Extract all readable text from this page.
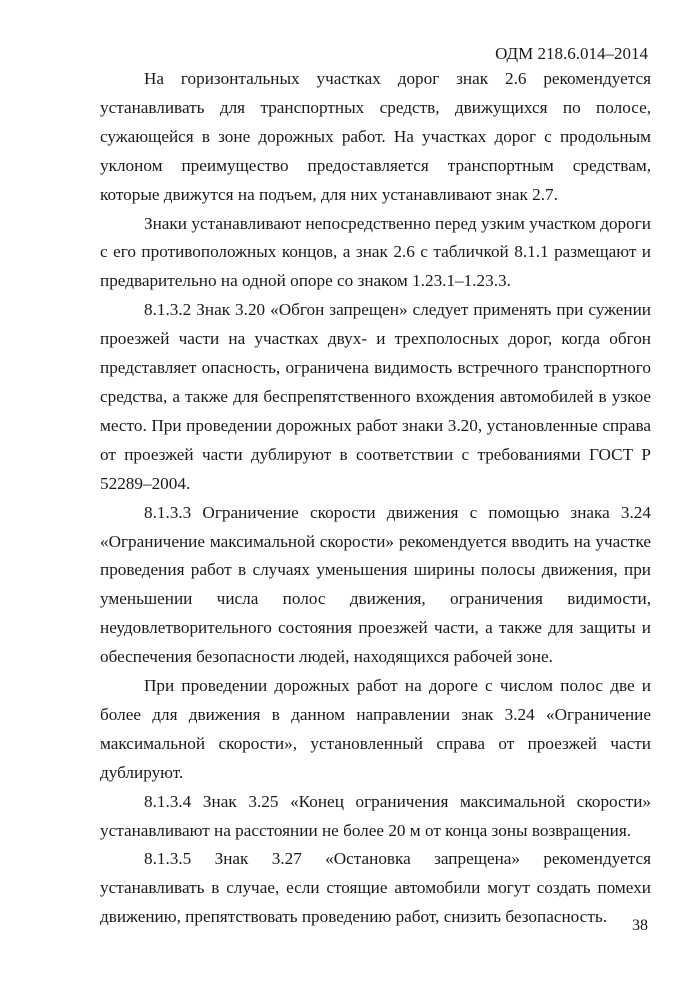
ОДМ 218.6.014–2014

На горизонтальных участках дорог знак 2.6 рекомендуется устанавливать для транспортных средств, движущихся по полосе, сужающейся в зоне дорожных работ. На участках дорог с продольным уклоном преимущество предоставляется транспортным средствам, которые движутся на подъем, для них устанавливают знак 2.7.

Знаки устанавливают непосредственно перед узким участком дороги с его противоположных концов, а знак 2.6 с табличкой 8.1.1 размещают и предварительно на одной опоре со знаком 1.23.1–1.23.3.

8.1.3.2 Знак 3.20 «Обгон запрещен» следует применять при сужении проезжей части на участках двух- и трехполосных дорог, когда обгон представляет опасность, ограничена видимость встречного транспортного средства, а также для беспрепятственного вхождения автомобилей в узкое место. При проведении дорожных работ знаки 3.20, установленные справа от проезжей части дублируют в соответствии с требованиями ГОСТ Р 52289–2004.

8.1.3.3 Ограничение скорости движения с помощью знака 3.24 «Ограничение максимальной скорости» рекомендуется вводить на участке проведения работ в случаях уменьшения ширины полосы движения, при уменьшении числа полос движения, ограничения видимости, неудовлетворительного состояния проезжей части, а также для защиты и обеспечения безопасности людей, находящихся рабочей зоне.

При проведении дорожных работ на дороге с числом полос две и более для движения в данном направлении знак 3.24 «Ограничение максимальной скорости», установленный справа от проезжей части дублируют.

8.1.3.4 Знак 3.25 «Конец ограничения максимальной скорости» устанавливают на расстоянии не более 20 м от конца зоны возвращения.

8.1.3.5 Знак 3.27 «Остановка запрещена» рекомендуется устанавливать в случае, если стоящие автомобили могут создать помехи движению, препятствовать проведению работ, снизить безопасность.	38
